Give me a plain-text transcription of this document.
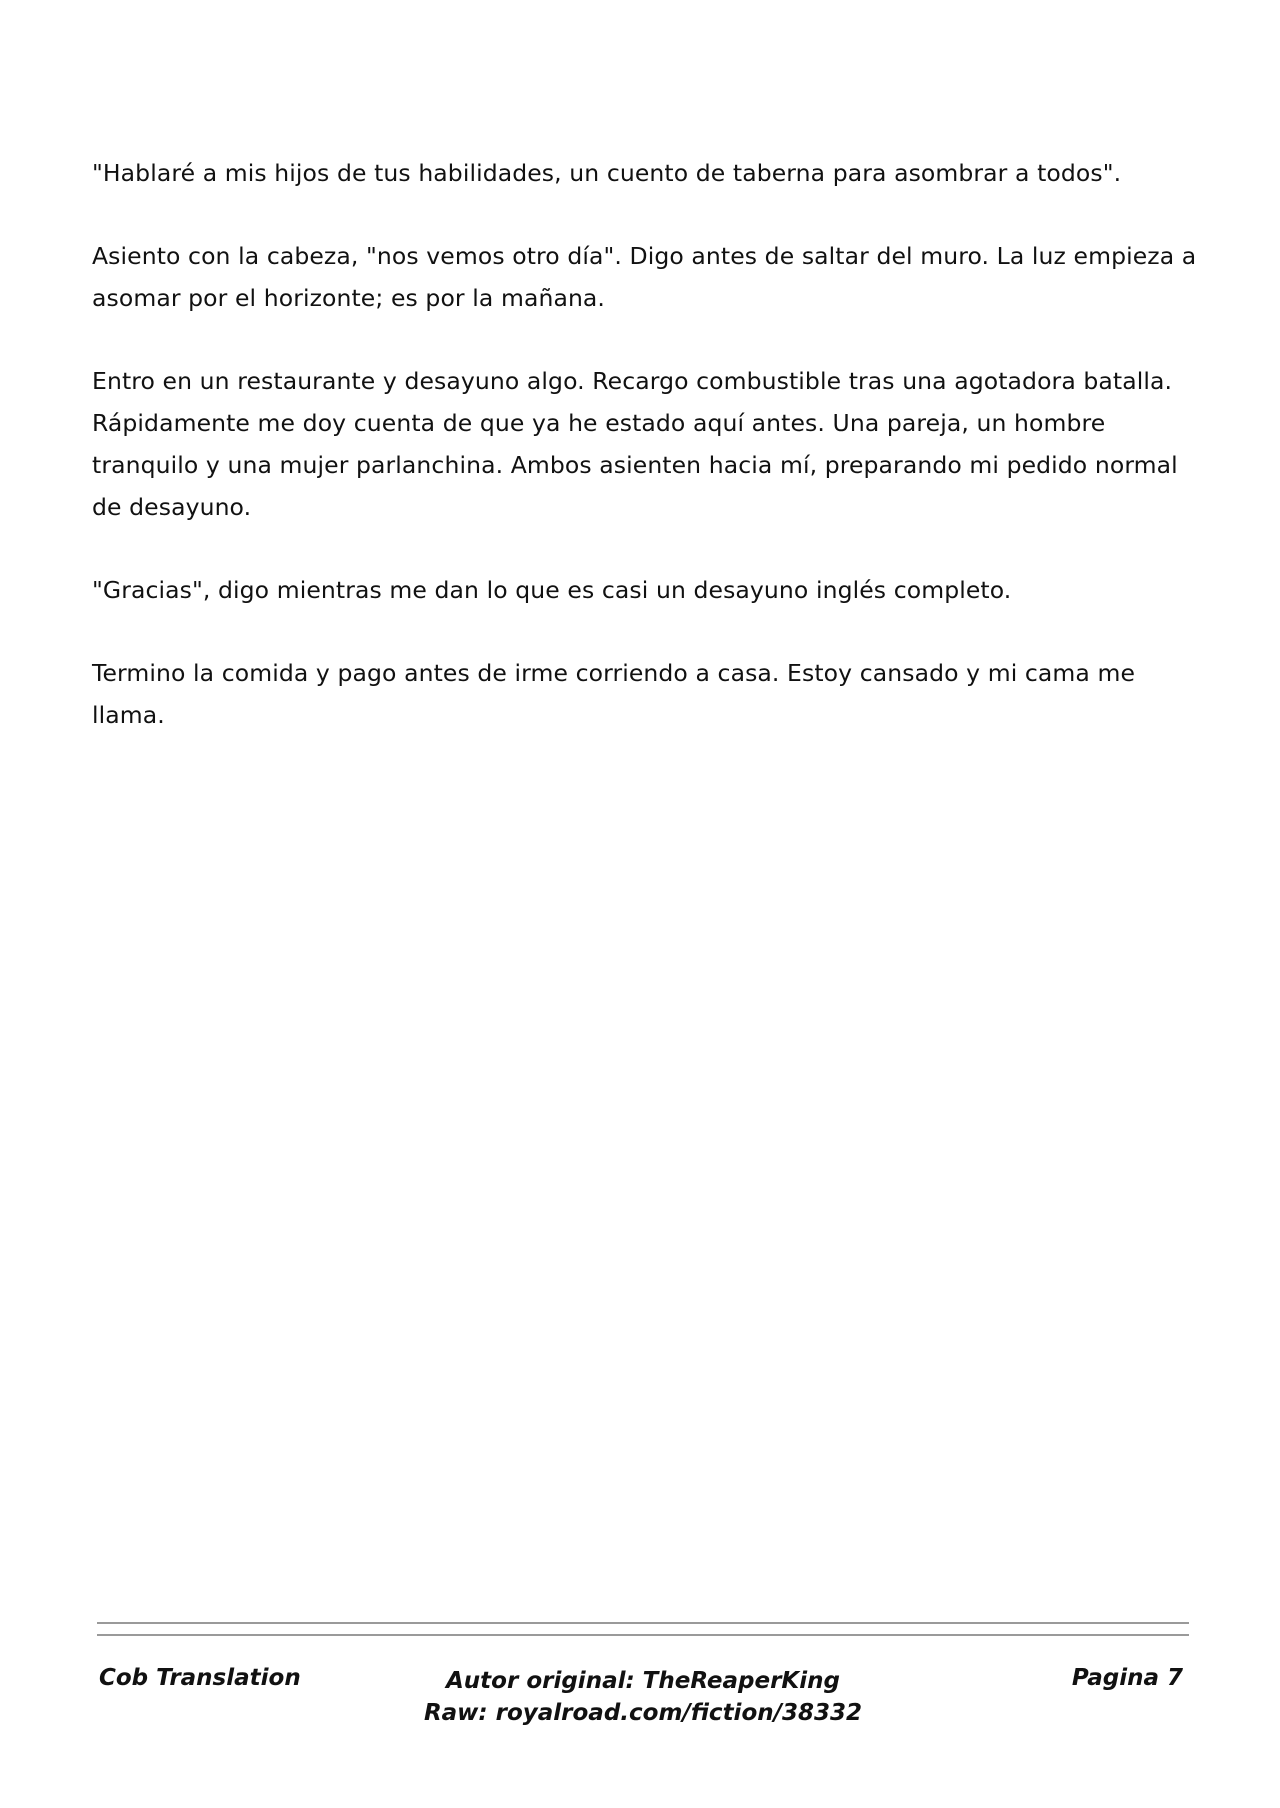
"Hablaré a mis hijos de tus habilidades, un cuento de taberna para asombrar a todos".

Asiento con la cabeza, "nos vemos otro día". Digo antes de saltar del muro. La luz empieza a asomar por el horizonte; es por la mañana.

Entro en un restaurante y desayuno algo. Recargo combustible tras una agotadora batalla. Rápidamente me doy cuenta de que ya he estado aquí antes. Una pareja, un hombre tranquilo y una mujer parlanchina. Ambos asienten hacia mí, preparando mi pedido normal de desayuno.

"Gracias", digo mientras me dan lo que es casi un desayuno inglés completo.

Termino la comida y pago antes de irme corriendo a casa. Estoy cansado y mi cama me llama.

Cob Translation	Autor original: TheReaperKing
Raw: royalroad.com/fiction/38332
Pagina 7
